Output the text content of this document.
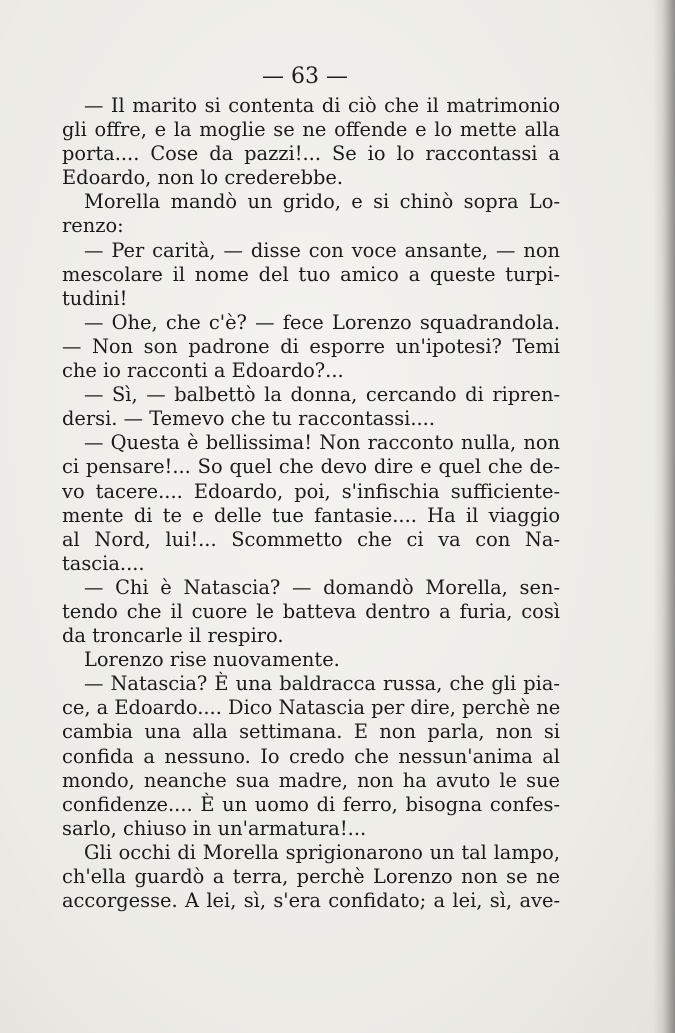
— 63 —
— Il marito si contenta di ciò che il matrimonio
gli offre, e la moglie se ne offende e lo mette alla
porta.... Cose da pazzi!... Se io lo raccontassi a
Edoardo, non lo crederebbe.
Morella mandò un grido, e si chinò sopra Lo-
renzo:
— Per carità, — disse con voce ansante, — non
mescolare il nome del tuo amico a queste turpi-
tudini!
— Ohe, che c'è? — fece Lorenzo squadrandola.
— Non son padrone di esporre un'ipotesi? Temi
che io racconti a Edoardo?...
— Sì, — balbettò la donna, cercando di ripren-
dersi. — Temevo che tu raccontassi....
— Questa è bellissima! Non racconto nulla, non
ci pensare!... So quel che devo dire e quel che de-
vo tacere.... Edoardo, poi, s'infischia sufficiente-
mente di te e delle tue fantasie.... Ha il viaggio
al Nord, lui!... Scommetto che ci va con Na-
tascia....
— Chi è Natascia? — domandò Morella, sen-
tendo che il cuore le batteva dentro a furia, così
da troncarle il respiro.
Lorenzo rise nuovamente.
— Natascia? È una baldracca russa, che gli pia-
ce, a Edoardo.... Dico Natascia per dire, perchè ne
cambia una alla settimana. E non parla, non si
confida a nessuno. Io credo che nessun'anima al
mondo, neanche sua madre, non ha avuto le sue
confidenze.... È un uomo di ferro, bisogna confes-
sarlo, chiuso in un'armatura!...
Gli occhi di Morella sprigionarono un tal lampo,
ch'ella guardò a terra, perchè Lorenzo non se ne
accorgesse. A lei, sì, s'era confidato; a lei, sì, ave-
